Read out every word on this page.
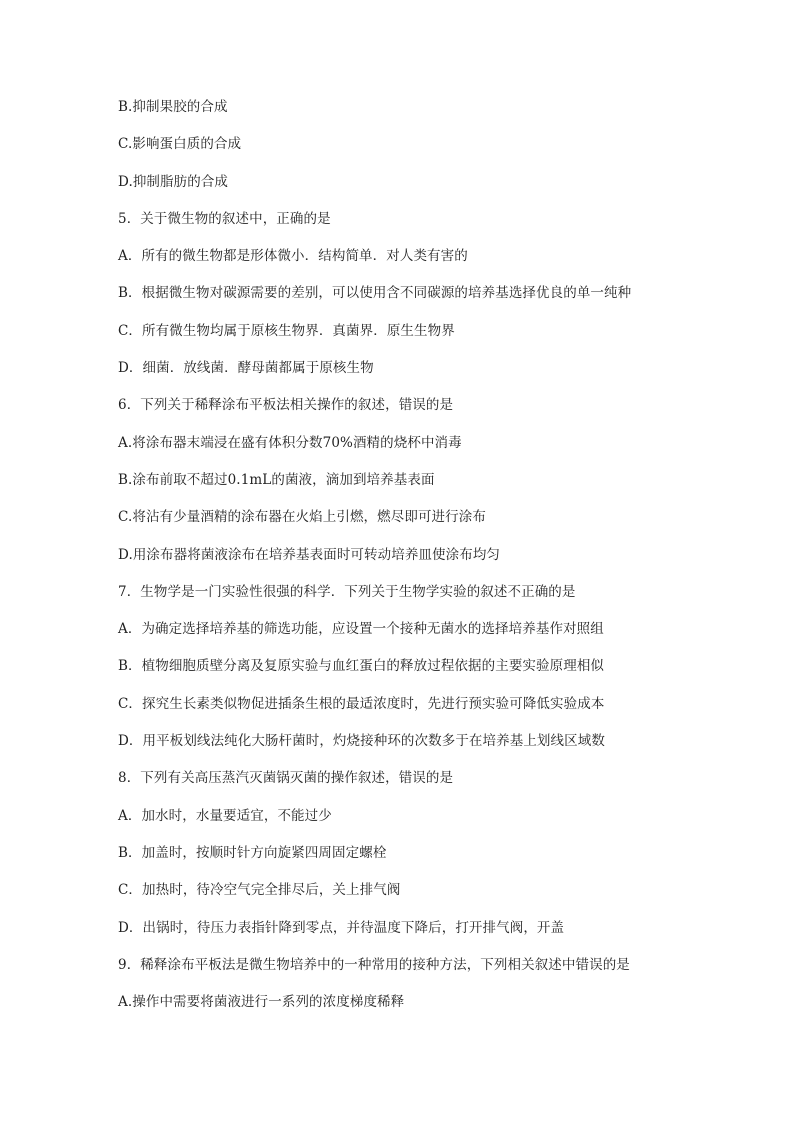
B.抑制果胶的合成
C.影响蛋白质的合成
D.抑制脂肪的合成
5．关于微生物的叙述中，正确的是
A．所有的微生物都是形体微小．结构简单．对人类有害的
B．根据微生物对碳源需要的差别，可以使用含不同碳源的培养基选择优良的单一纯种
C．所有微生物均属于原核生物界．真菌界．原生生物界
D．细菌．放线菌．酵母菌都属于原核生物
6．下列关于稀释涂布平板法相关操作的叙述，错误的是
A.将涂布器末端浸在盛有体积分数70%酒精的烧杯中消毒
B.涂布前取不超过0.1mL的菌液，滴加到培养基表面
C.将沾有少量酒精的涂布器在火焰上引燃，燃尽即可进行涂布
D.用涂布器将菌液涂布在培养基表面时可转动培养皿使涂布均匀
7．生物学是一门实验性很强的科学．下列关于生物学实验的叙述不正确的是
A．为确定选择培养基的筛选功能，应设置一个接种无菌水的选择培养基作对照组
B．植物细胞质壁分离及复原实验与血红蛋白的释放过程依据的主要实验原理相似
C．探究生长素类似物促进插条生根的最适浓度时，先进行预实验可降低实验成本
D．用平板划线法纯化大肠杆菌时，灼烧接种环的次数多于在培养基上划线区域数
8．下列有关高压蒸汽灭菌锅灭菌的操作叙述，错误的是
A．加水时，水量要适宜，不能过少
B．加盖时，按顺时针方向旋紧四周固定螺栓
C．加热时，待冷空气完全排尽后，关上排气阀
D．出锅时，待压力表指针降到零点，并待温度下降后，打开排气阀，开盖
9．稀释涂布平板法是微生物培养中的一种常用的接种方法，下列相关叙述中错误的是
A.操作中需要将菌液进行一系列的浓度梯度稀释
